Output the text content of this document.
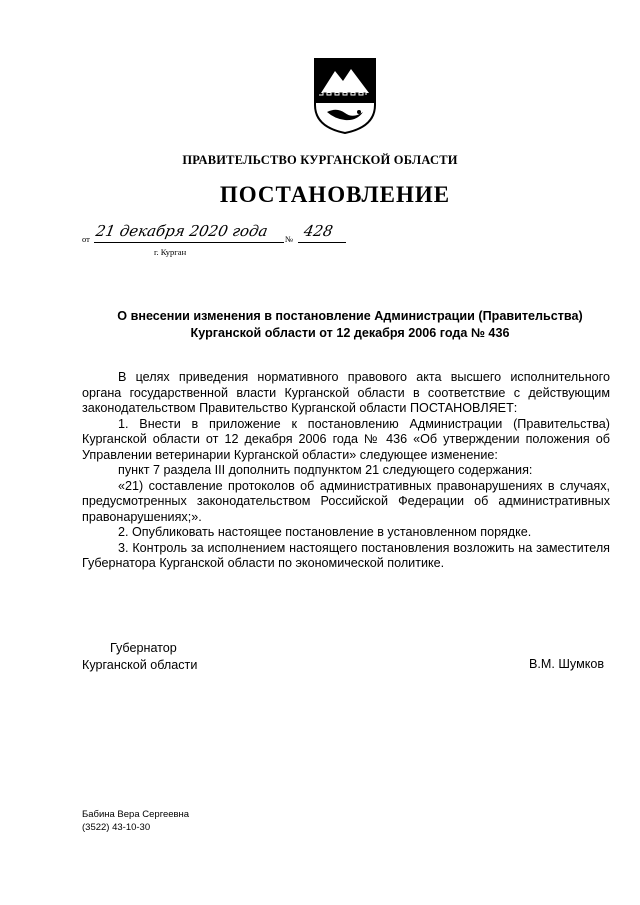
ПРАВИТЕЛЬСТВО КУРГАНСКОЙ ОБЛАСТИ
ПОСТАНОВЛЕНИЕ
от 21 декабря 2020 года № 428
г. Курган
О внесении изменения в постановление Администрации (Правительства)
Курганской области от 12 декабря 2006 года № 436

В целях приведения нормативного правового акта высшего исполнительного органа государственной власти Курганской области в соответствие с действующим законодательством Правительство Курганской области ПОСТАНОВЛЯЕТ:

1. Внести в приложение к постановлению Администрации (Правительства) Курганской области от 12 декабря 2006 года № 436 «Об утверждении положения об Управлении ветеринарии Курганской области» следующее изменение:

пункт 7 раздела III дополнить подпунктом 21 следующего содержания:

«21) составление протоколов об административных правонарушениях в случаях, предусмотренных законодательством Российской Федерации об административных правонарушениях;».

2. Опубликовать настоящее постановление в установленном порядке.

3. Контроль за исполнением настоящего постановления возложить на заместителя Губернатора Курганской области по экономической политике.

Губернатор
Курганской области	В.М. Шумков
Бабина Вера Сергеевна
(3522) 43-10-30
